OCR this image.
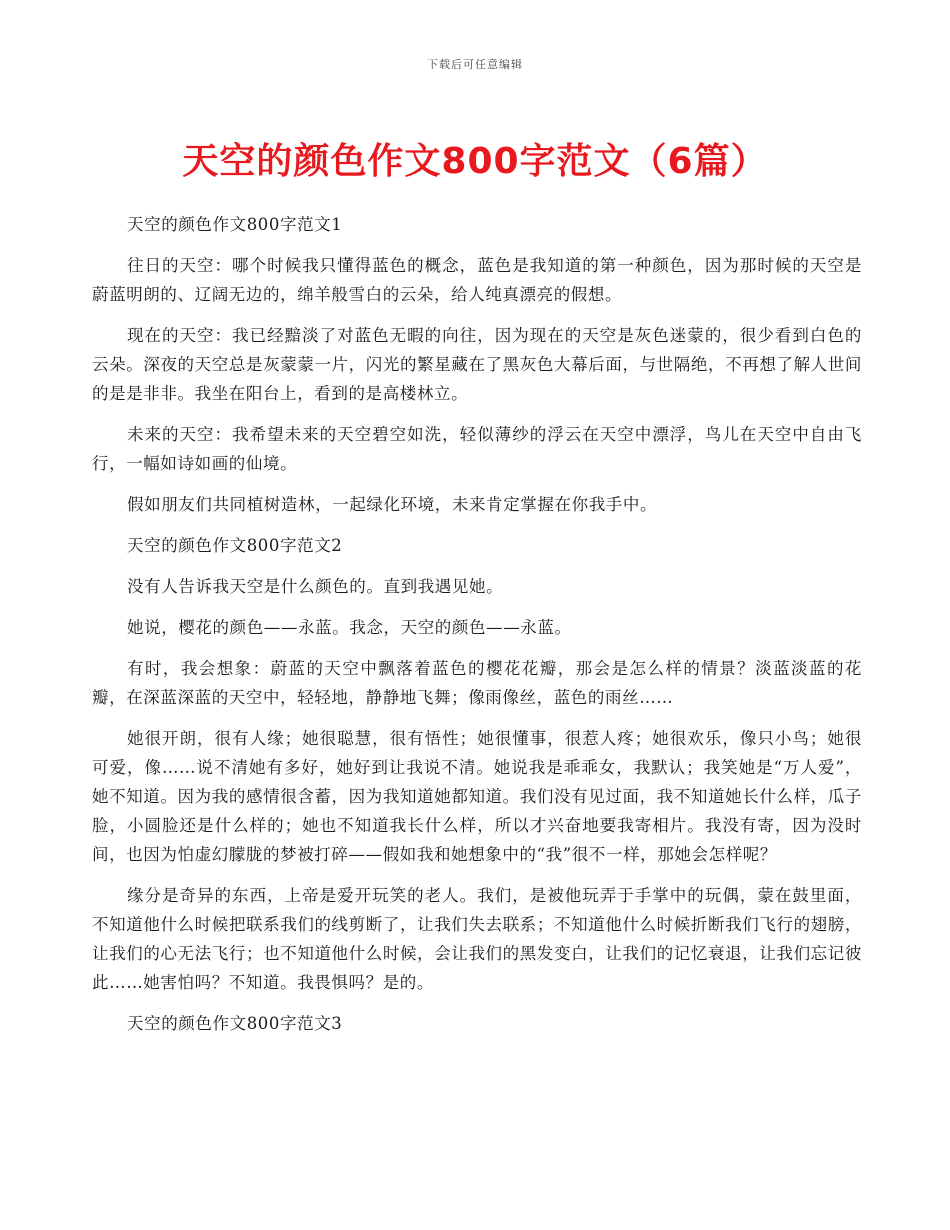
下载后可任意编辑
天空的颜色作文800字范文（6篇）

天空的颜色作文800字范文1

往日的天空：哪个时候我只懂得蓝色的概念，蓝色是我知道的第一种颜色，因为那时候的天空是蔚蓝明朗的、辽阔无边的，绵羊般雪白的云朵，给人纯真漂亮的假想。

现在的天空：我已经黯淡了对蓝色无暇的向往，因为现在的天空是灰色迷蒙的，很少看到白色的云朵。深夜的天空总是灰蒙蒙一片，闪光的繁星藏在了黑灰色大幕后面，与世隔绝，不再想了解人世间的是是非非。我坐在阳台上，看到的是高楼林立。

未来的天空：我希望未来的天空碧空如洗，轻似薄纱的浮云在天空中漂浮，鸟儿在天空中自由飞行，一幅如诗如画的仙境。

假如朋友们共同植树造林，一起绿化环境，未来肯定掌握在你我手中。

天空的颜色作文800字范文2

没有人告诉我天空是什么颜色的。直到我遇见她。

她说，樱花的颜色——永蓝。我念，天空的颜色——永蓝。

有时，我会想象：蔚蓝的天空中飘落着蓝色的樱花花瓣，那会是怎么样的情景？淡蓝淡蓝的花瓣，在深蓝深蓝的天空中，轻轻地，静静地飞舞；像雨像丝，蓝色的雨丝……

她很开朗，很有人缘；她很聪慧，很有悟性；她很懂事，很惹人疼；她很欢乐，像只小鸟；她很可爱，像……说不清她有多好，她好到让我说不清。她说我是乖乖女，我默认；我笑她是“万人爱”，她不知道。因为我的感情很含蓄，因为我知道她都知道。我们没有见过面，我不知道她长什么样，瓜子脸，小圆脸还是什么样的；她也不知道我长什么样，所以才兴奋地要我寄相片。我没有寄，因为没时间，也因为怕虚幻朦胧的梦被打碎——假如我和她想象中的“我”很不一样，那她会怎样呢？

缘分是奇异的东西，上帝是爱开玩笑的老人。我们，是被他玩弄于手掌中的玩偶，蒙在鼓里面，不知道他什么时候把联系我们的线剪断了，让我们失去联系；不知道他什么时候折断我们飞行的翅膀，让我们的心无法飞行；也不知道他什么时候，会让我们的黑发变白，让我们的记忆衰退，让我们忘记彼此……她害怕吗？不知道。我畏惧吗？是的。

天空的颜色作文800字范文3
